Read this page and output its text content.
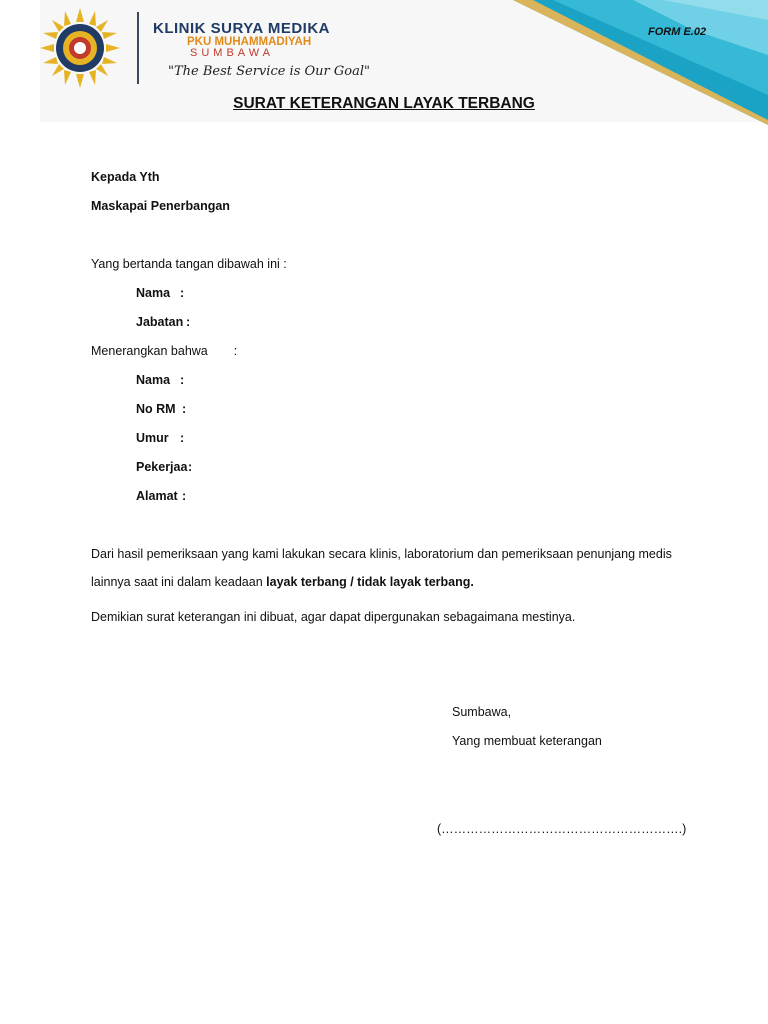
KLINIK SURYA MEDIKA
PKU MUHAMMADIYAH
SUMBAWA
"The Best Service is Our Goal"
FORM E.02
SURAT KETERANGAN LAYAK TERBANG
Kepada Yth
Maskapai Penerbangan
Yang bertanda tangan dibawah ini :
Nama :
Jabatan :
Menerangkan bahwa :
Nama :
No RM :
Umur :
Pekerjaa:
Alamat :
Dari hasil pemeriksaan yang kami lakukan secara klinis, laboratorium dan pemeriksaan penunjang medis
lainnya saat ini dalam keadaan layak terbang / tidak layak terbang.
Demikian surat keterangan ini dibuat, agar dapat dipergunakan sebagaimana mestinya.
Sumbawa,
Yang membuat keterangan
(………………………………………………….)
